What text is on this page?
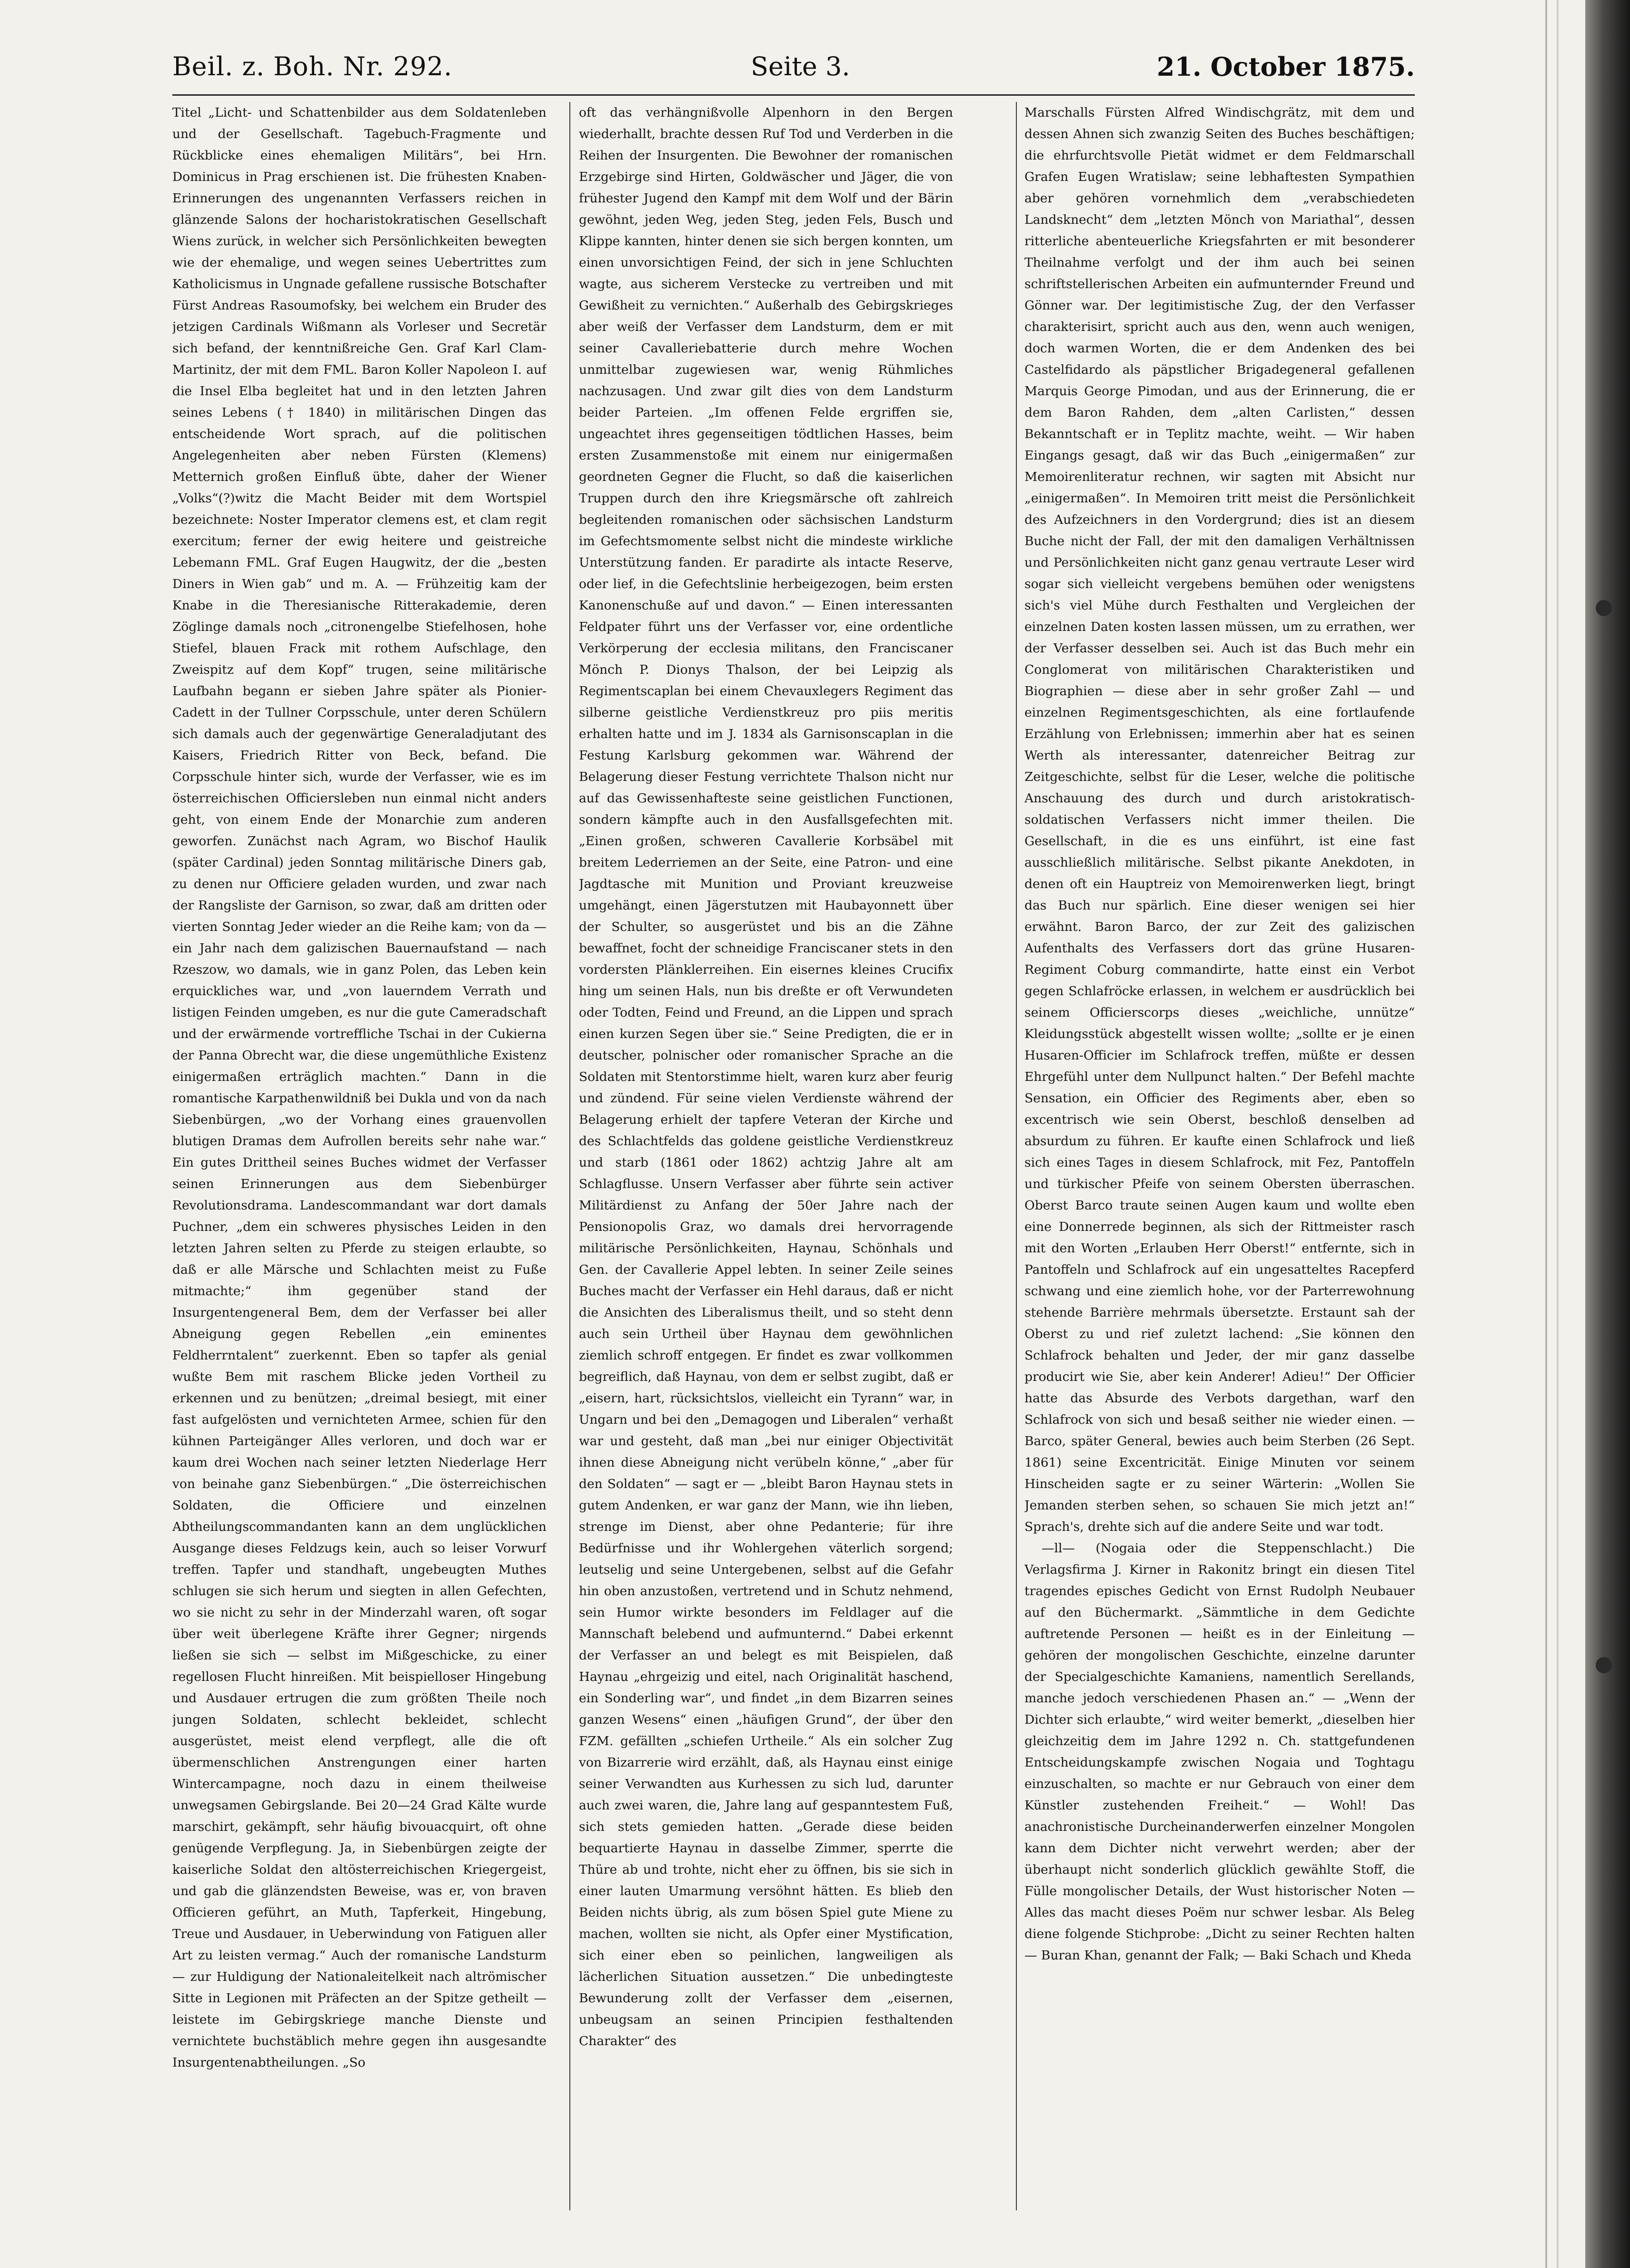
Beil. z. Boh. Nr. 292.	Seite 3.	21. October 1875.

Titel „Licht- und Schattenbilder aus dem Soldatenleben und der Gesellschaft. Tagebuch-Fragmente und Rückblicke eines ehemaligen Militärs“, bei Hrn. Dominicus in Prag erschienen ist. Die frühesten Knaben-Erinnerungen des ungenannten Verfassers reichen in glänzende Salons der hocharistokratischen Gesellschaft Wiens zurück, in welcher sich Persönlichkeiten bewegten wie der ehemalige, und wegen seines Uebertrittes zum Katholicismus in Ungnade gefallene russische Botschafter Fürst Andreas Rasoumofsky, bei welchem ein Bruder des jetzigen Cardinals Wißmann als Vorleser und Secretär sich befand, der kenntnißreiche Gen. Graf Karl Clam-Martinitz, der mit dem FML. Baron Koller Napoleon I. auf die Insel Elba begleitet hat und in den letzten Jahren seines Lebens († 1840) in militärischen Dingen das entscheidende Wort sprach, auf die politischen Angelegenheiten aber neben Fürsten (Klemens) Metternich großen Einfluß übte, daher der Wiener „Volks“(?)witz die Macht Beider mit dem Wortspiel bezeichnete: Noster Imperator clemens est, et clam regit exercitum; ferner der ewig heitere und geistreiche Lebemann FML. Graf Eugen Haugwitz, der die „besten Diners in Wien gab“ und m. A. — Frühzeitig kam der Knabe in die Theresianische Ritterakademie, deren Zöglinge damals noch „citronengelbe Stiefelhosen, hohe Stiefel, blauen Frack mit rothem Aufschlage, den Zweispitz auf dem Kopf“ trugen, seine militärische Laufbahn begann er sieben Jahre später als Pionier-Cadett in der Tullner Corpsschule, unter deren Schülern sich damals auch der gegenwärtige Generaladjutant des Kaisers, Friedrich Ritter von Beck, befand. Die Corpsschule hinter sich, wurde der Verfasser, wie es im österreichischen Officiersleben nun einmal nicht anders geht, von einem Ende der Monarchie zum anderen geworfen. Zunächst nach Agram, wo Bischof Haulik (später Cardinal) jeden Sonntag militärische Diners gab, zu denen nur Officiere geladen wurden, und zwar nach der Rangsliste der Garnison, so zwar, daß am dritten oder vierten Sonntag Jeder wieder an die Reihe kam; von da — ein Jahr nach dem galizischen Bauernaufstand — nach Rzeszow, wo damals, wie in ganz Polen, das Leben kein erquickliches war, und „von lauerndem Verrath und listigen Feinden umgeben, es nur die gute Cameradschaft und der erwärmende vortreffliche Tschai in der Cukierna der Panna Obrecht war, die diese ungemüthliche Existenz einigermaßen erträglich machten.“ Dann in die romantische Karpathenwildniß bei Dukla und von da nach Siebenbürgen, „wo der Vorhang eines grauenvollen blutigen Dramas dem Aufrollen bereits sehr nahe war.“ Ein gutes Drittheil seines Buches widmet der Verfasser seinen Erinnerungen aus dem Siebenbürger Revolutionsdrama. Landescommandant war dort damals Puchner, „dem ein schweres physisches Leiden in den letzten Jahren selten zu Pferde zu steigen erlaubte, so daß er alle Märsche und Schlachten meist zu Fuße mitmachte;“ ihm gegenüber stand der Insurgentengeneral Bem, dem der Verfasser bei aller Abneigung gegen Rebellen „ein eminentes Feldherrntalent“ zuerkennt. Eben so tapfer als genial wußte Bem mit raschem Blicke jeden Vortheil zu erkennen und zu benützen; „dreimal besiegt, mit einer fast aufgelösten und vernichteten Armee, schien für den kühnen Parteigänger Alles verloren, und doch war er kaum drei Wochen nach seiner letzten Niederlage Herr von beinahe ganz Siebenbürgen.“ „Die österreichischen Soldaten, die Officiere und einzelnen Abtheilungscommandanten kann an dem unglücklichen Ausgange dieses Feldzugs kein, auch so leiser Vorwurf treffen. Tapfer und standhaft, ungebeugten Muthes schlugen sie sich herum und siegten in allen Gefechten, wo sie nicht zu sehr in der Minderzahl waren, oft sogar über weit überlegene Kräfte ihrer Gegner; nirgends ließen sie sich — selbst im Mißgeschicke, zu einer regellosen Flucht hinreißen. Mit beispielloser Hingebung und Ausdauer ertrugen die zum größten Theile noch jungen Soldaten, schlecht bekleidet, schlecht ausgerüstet, meist elend verpflegt, alle die oft übermenschlichen Anstrengungen einer harten Wintercampagne, noch dazu in einem theilweise unwegsamen Gebirgslande. Bei 20—24 Grad Kälte wurde marschirt, gekämpft, sehr häufig bivouacquirt, oft ohne genügende Verpflegung. Ja, in Siebenbürgen zeigte der kaiserliche Soldat den altösterreichischen Kriegergeist, und gab die glänzendsten Beweise, was er, von braven Officieren geführt, an Muth, Tapferkeit, Hingebung, Treue und Ausdauer, in Ueberwindung von Fatiguen aller Art zu leisten vermag.“ Auch der romanische Landsturm — zur Huldigung der Nationaleitelkeit nach altrömischer Sitte in Legionen mit Präfecten an der Spitze getheilt — leistete im Gebirgskriege manche Dienste und vernichtete buchstäblich mehre gegen ihn ausgesandte Insurgentenabtheilungen. „So

oft das verhängnißvolle Alpenhorn in den Bergen wiederhallt, brachte dessen Ruf Tod und Verderben in die Reihen der Insurgenten. Die Bewohner der romanischen Erzgebirge sind Hirten, Goldwäscher und Jäger, die von frühester Jugend den Kampf mit dem Wolf und der Bärin gewöhnt, jeden Weg, jeden Steg, jeden Fels, Busch und Klippe kannten, hinter denen sie sich bergen konnten, um einen unvorsichtigen Feind, der sich in jene Schluchten wagte, aus sicherem Verstecke zu vertreiben und mit Gewißheit zu vernichten.“ Außerhalb des Gebirgskrieges aber weiß der Verfasser dem Landsturm, dem er mit seiner Cavalleriebatterie durch mehre Wochen unmittelbar zugewiesen war, wenig Rühmliches nachzusagen. Und zwar gilt dies von dem Landsturm beider Parteien. „Im offenen Felde ergriffen sie, ungeachtet ihres gegenseitigen tödtlichen Hasses, beim ersten Zusammenstoße mit einem nur einigermaßen geordneten Gegner die Flucht, so daß die kaiserlichen Truppen durch den ihre Kriegsmärsche oft zahlreich begleitenden romanischen oder sächsischen Landsturm im Gefechtsmomente selbst nicht die mindeste wirkliche Unterstützung fanden. Er paradirte als intacte Reserve, oder lief, in die Gefechtslinie herbeigezogen, beim ersten Kanonenschuße auf und davon.“ — Einen interessanten Feldpater führt uns der Verfasser vor, eine ordentliche Verkörperung der ecclesia militans, den Franciscaner Mönch P. Dionys Thalson, der bei Leipzig als Regimentscaplan bei einem Chevauxlegers Regiment das silberne geistliche Verdienstkreuz pro piis meritis erhalten hatte und im J. 1834 als Garnisonscaplan in die Festung Karlsburg gekommen war. Während der Belagerung dieser Festung verrichtete Thalson nicht nur auf das Gewissenhafteste seine geistlichen Functionen, sondern kämpfte auch in den Ausfallsgefechten mit. „Einen großen, schweren Cavallerie Korbsäbel mit breitem Lederriemen an der Seite, eine Patron- und eine Jagdtasche mit Munition und Proviant kreuzweise umgehängt, einen Jägerstutzen mit Haubayonnett über der Schulter, so ausgerüstet und bis an die Zähne bewaffnet, focht der schneidige Franciscaner stets in den vordersten Plänklerreihen. Ein eisernes kleines Crucifix hing um seinen Hals, nun bis dreßte er oft Verwundeten oder Todten, Feind und Freund, an die Lippen und sprach einen kurzen Segen über sie.“ Seine Predigten, die er in deutscher, polnischer oder romanischer Sprache an die Soldaten mit Stentorstimme hielt, waren kurz aber feurig und zündend. Für seine vielen Verdienste während der Belagerung erhielt der tapfere Veteran der Kirche und des Schlachtfelds das goldene geistliche Verdienstkreuz und starb (1861 oder 1862) achtzig Jahre alt am Schlagflusse. Unsern Verfasser aber führte sein activer Militärdienst zu Anfang der 50er Jahre nach der Pensionopolis Graz, wo damals drei hervorragende militärische Persönlichkeiten, Haynau, Schönhals und Gen. der Cavallerie Appel lebten. In seiner Zeile seines Buches macht der Verfasser ein Hehl daraus, daß er nicht die Ansichten des Liberalismus theilt, und so steht denn auch sein Urtheil über Haynau dem gewöhnlichen ziemlich schroff entgegen. Er findet es zwar vollkommen begreiflich, daß Haynau, von dem er selbst zugibt, daß er „eisern, hart, rücksichtslos, vielleicht ein Tyrann“ war, in Ungarn und bei den „Demagogen und Liberalen“ verhaßt war und gesteht, daß man „bei nur einiger Objectivität ihnen diese Abneigung nicht verübeln könne,“ „aber für den Soldaten“ — sagt er — „bleibt Baron Haynau stets in gutem Andenken, er war ganz der Mann, wie ihn lieben, strenge im Dienst, aber ohne Pedanterie; für ihre Bedürfnisse und ihr Wohlergehen väterlich sorgend; leutselig und seine Untergebenen, selbst auf die Gefahr hin oben anzustoßen, vertretend und in Schutz nehmend, sein Humor wirkte besonders im Feldlager auf die Mannschaft belebend und aufmunternd.“ Dabei erkennt der Verfasser an und belegt es mit Beispielen, daß Haynau „ehrgeizig und eitel, nach Originalität haschend, ein Sonderling war“, und findet „in dem Bizarren seines ganzen Wesens“ einen „häufigen Grund“, der über den FZM. gefällten „schiefen Urtheile.“ Als ein solcher Zug von Bizarrerie wird erzählt, daß, als Haynau einst einige seiner Verwandten aus Kurhessen zu sich lud, darunter auch zwei waren, die, Jahre lang auf gespanntestem Fuß, sich stets gemieden hatten. „Gerade diese beiden bequartierte Haynau in dasselbe Zimmer, sperrte die Thüre ab und trohte, nicht eher zu öffnen, bis sie sich in einer lauten Umarmung versöhnt hätten. Es blieb den Beiden nichts übrig, als zum bösen Spiel gute Miene zu machen, wollten sie nicht, als Opfer einer Mystification, sich einer eben so peinlichen, langweiligen als lächerlichen Situation aussetzen.“ Die unbedingteste Bewunderung zollt der Verfasser dem „eisernen, unbeugsam an seinen Principien festhaltenden Charakter“ des

Marschalls Fürsten Alfred Windischgrätz, mit dem und dessen Ahnen sich zwanzig Seiten des Buches beschäftigen; die ehrfurchtsvolle Pietät widmet er dem Feldmarschall Grafen Eugen Wratislaw; seine lebhaftesten Sympathien aber gehören vornehmlich dem „verabschiedeten Landsknecht“ dem „letzten Mönch von Mariathal“, dessen ritterliche abenteuerliche Kriegsfahrten er mit besonderer Theilnahme verfolgt und der ihm auch bei seinen schriftstellerischen Arbeiten ein aufmunternder Freund und Gönner war. Der legitimistische Zug, der den Verfasser charakterisirt, spricht auch aus den, wenn auch wenigen, doch warmen Worten, die er dem Andenken des bei Castelfidardo als päpstlicher Brigadegeneral gefallenen Marquis George Pimodan, und aus der Erinnerung, die er dem Baron Rahden, dem „alten Carlisten,“ dessen Bekanntschaft er in Teplitz machte, weiht. — Wir haben Eingangs gesagt, daß wir das Buch „einigermaßen“ zur Memoirenliteratur rechnen, wir sagten mit Absicht nur „einigermaßen“. In Memoiren tritt meist die Persönlichkeit des Aufzeichners in den Vordergrund; dies ist an diesem Buche nicht der Fall, der mit den damaligen Verhältnissen und Persönlichkeiten nicht ganz genau vertraute Leser wird sogar sich vielleicht vergebens bemühen oder wenigstens sich's viel Mühe durch Festhalten und Vergleichen der einzelnen Daten kosten lassen müssen, um zu errathen, wer der Verfasser desselben sei. Auch ist das Buch mehr ein Conglomerat von militärischen Charakteristiken und Biographien — diese aber in sehr großer Zahl — und einzelnen Regimentsgeschichten, als eine fortlaufende Erzählung von Erlebnissen; immerhin aber hat es seinen Werth als interessanter, datenreicher Beitrag zur Zeitgeschichte, selbst für die Leser, welche die politische Anschauung des durch und durch aristokratisch-soldatischen Verfassers nicht immer theilen. Die Gesellschaft, in die es uns einführt, ist eine fast ausschließlich militärische. Selbst pikante Anekdoten, in denen oft ein Hauptreiz von Memoirenwerken liegt, bringt das Buch nur spärlich. Eine dieser wenigen sei hier erwähnt. Baron Barco, der zur Zeit des galizischen Aufenthalts des Verfassers dort das grüne Husaren-Regiment Coburg commandirte, hatte einst ein Verbot gegen Schlafröcke erlassen, in welchem er ausdrücklich bei seinem Officierscorps dieses „weichliche, unnütze“ Kleidungsstück abgestellt wissen wollte; „sollte er je einen Husaren-Officier im Schlafrock treffen, müßte er dessen Ehrgefühl unter dem Nullpunct halten.“ Der Befehl machte Sensation, ein Officier des Regiments aber, eben so excentrisch wie sein Oberst, beschloß denselben ad absurdum zu führen. Er kaufte einen Schlafrock und ließ sich eines Tages in diesem Schlafrock, mit Fez, Pantoffeln und türkischer Pfeife von seinem Obersten überraschen. Oberst Barco traute seinen Augen kaum und wollte eben eine Donnerrede beginnen, als sich der Rittmeister rasch mit den Worten „Erlauben Herr Oberst!“ entfernte, sich in Pantoffeln und Schlafrock auf ein ungesatteltes Racepferd schwang und eine ziemlich hohe, vor der Parterrewohnung stehende Barrière mehrmals übersetzte. Erstaunt sah der Oberst zu und rief zuletzt lachend: „Sie können den Schlafrock behalten und Jeder, der mir ganz dasselbe producirt wie Sie, aber kein Anderer! Adieu!“ Der Officier hatte das Absurde des Verbots dargethan, warf den Schlafrock von sich und besaß seither nie wieder einen. — Barco, später General, bewies auch beim Sterben (26 Sept. 1861) seine Excentricität. Einige Minuten vor seinem Hinscheiden sagte er zu seiner Wärterin: „Wollen Sie Jemanden sterben sehen, so schauen Sie mich jetzt an!“ Sprach's, drehte sich auf die andere Seite und war todt.

—ll— (Nogaia oder die Steppenschlacht.) Die Verlagsfirma J. Kirner in Rakonitz bringt ein diesen Titel tragendes episches Gedicht von Ernst Rudolph Neubauer auf den Büchermarkt. „Sämmtliche in dem Gedichte auftretende Personen — heißt es in der Einleitung — gehören der mongolischen Geschichte, einzelne darunter der Specialgeschichte Kamaniens, namentlich Serellands, manche jedoch verschiedenen Phasen an.“ — „Wenn der Dichter sich erlaubte,“ wird weiter bemerkt, „dieselben hier gleichzeitig dem im Jahre 1292 n. Ch. stattgefundenen Entscheidungskampfe zwischen Nogaia und Toghtagu einzuschalten, so machte er nur Gebrauch von einer dem Künstler zustehenden Freiheit.“ — Wohl! Das anachronistische Durcheinanderwerfen einzelner Mongolen kann dem Dichter nicht verwehrt werden; aber der überhaupt nicht sonderlich glücklich gewählte Stoff, die Fülle mongolischer Details, der Wust historischer Noten — Alles das macht dieses Poëm nur schwer lesbar. Als Beleg diene folgende Stichprobe: „Dicht zu seiner Rechten halten — Buran Khan, genannt der Falk; — Baki Schach und Kheda
